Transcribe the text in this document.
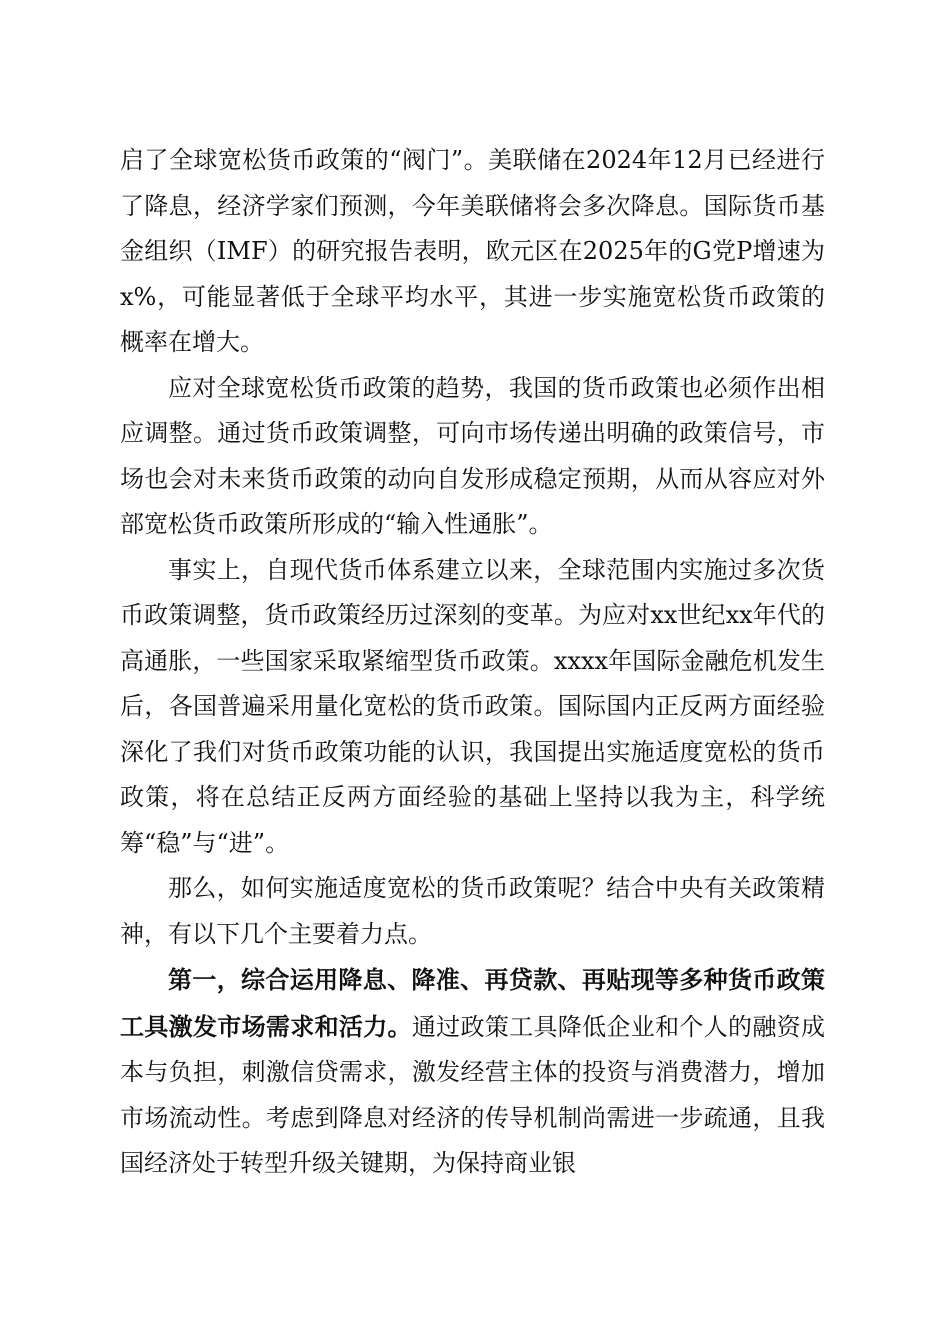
启了全球宽松货币政策的“阀门”。美联储在2024年12月已经进行了降息，经济学家们预测，今年美联储将会多次降息。国际货币基金组织（IMF）的研究报告表明，欧元区在2025年的G党P增速为x%，可能显著低于全球平均水平，其进一步实施宽松货币政策的概率在增大。

应对全球宽松货币政策的趋势，我国的货币政策也必须作出相应调整。通过货币政策调整，可向市场传递出明确的政策信号，市场也会对未来货币政策的动向自发形成稳定预期，从而从容应对外部宽松货币政策所形成的“输入性通胀”。

事实上，自现代货币体系建立以来，全球范围内实施过多次货币政策调整，货币政策经历过深刻的变革。为应对xx世纪xx年代的高通胀，一些国家采取紧缩型货币政策。xxxx年国际金融危机发生后，各国普遍采用量化宽松的货币政策。国际国内正反两方面经验深化了我们对货币政策功能的认识，我国提出实施适度宽松的货币政策，将在总结正反两方面经验的基础上坚持以我为主，科学统筹“稳”与“进”。

那么，如何实施适度宽松的货币政策呢？结合中央有关政策精神，有以下几个主要着力点。

第一，综合运用降息、降准、再贷款、再贴现等多种货币政策工具激发市场需求和活力。通过政策工具降低企业和个人的融资成本与负担，刺激信贷需求，激发经营主体的投资与消费潜力，增加市场流动性。考虑到降息对经济的传导机制尚需进一步疏通，且我国经济处于转型升级关键期，为保持商业银
